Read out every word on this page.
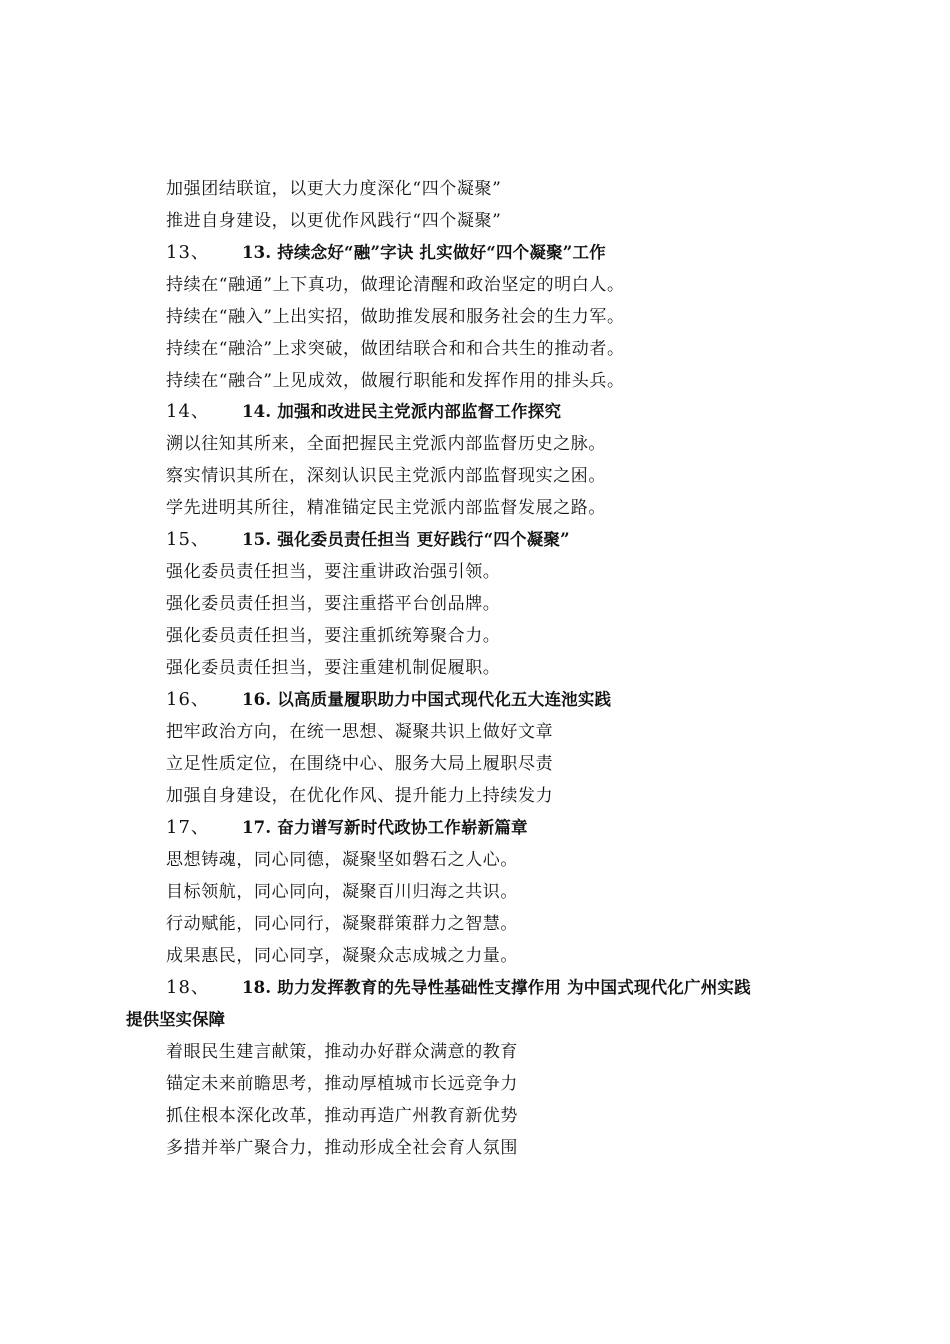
加强团结联谊，以更大力度深化“四个凝聚”
推进自身建设，以更优作风践行“四个凝聚”
13、 13. 持续念好“融”字诀 扎实做好“四个凝聚”工作
持续在“融通”上下真功，做理论清醒和政治坚定的明白人。
持续在“融入”上出实招，做助推发展和服务社会的生力军。
持续在“融洽”上求突破，做团结联合和和合共生的推动者。
持续在“融合”上见成效，做履行职能和发挥作用的排头兵。
14、 14. 加强和改进民主党派内部监督工作探究
溯以往知其所来，全面把握民主党派内部监督历史之脉。
察实情识其所在，深刻认识民主党派内部监督现实之困。
学先进明其所往，精准锚定民主党派内部监督发展之路。
15、 15. 强化委员责任担当 更好践行“四个凝聚”
强化委员责任担当，要注重讲政治强引领。
强化委员责任担当，要注重搭平台创品牌。
强化委员责任担当，要注重抓统筹聚合力。
强化委员责任担当，要注重建机制促履职。
16、 16. 以高质量履职助力中国式现代化五大连池实践
把牢政治方向，在统一思想、凝聚共识上做好文章
立足性质定位，在围绕中心、服务大局上履职尽责
加强自身建设，在优化作风、提升能力上持续发力
17、 17. 奋力谱写新时代政协工作崭新篇章
思想铸魂，同心同德，凝聚坚如磐石之人心。
目标领航，同心同向，凝聚百川归海之共识。
行动赋能，同心同行，凝聚群策群力之智慧。
成果惠民，同心同享，凝聚众志成城之力量。
18、 18. 助力发挥教育的先导性基础性支撑作用 为中国式现代化广州实践
提供坚实保障
着眼民生建言献策，推动办好群众满意的教育
锚定未来前瞻思考，推动厚植城市长远竞争力
抓住根本深化改革，推动再造广州教育新优势
多措并举广聚合力，推动形成全社会育人氛围
